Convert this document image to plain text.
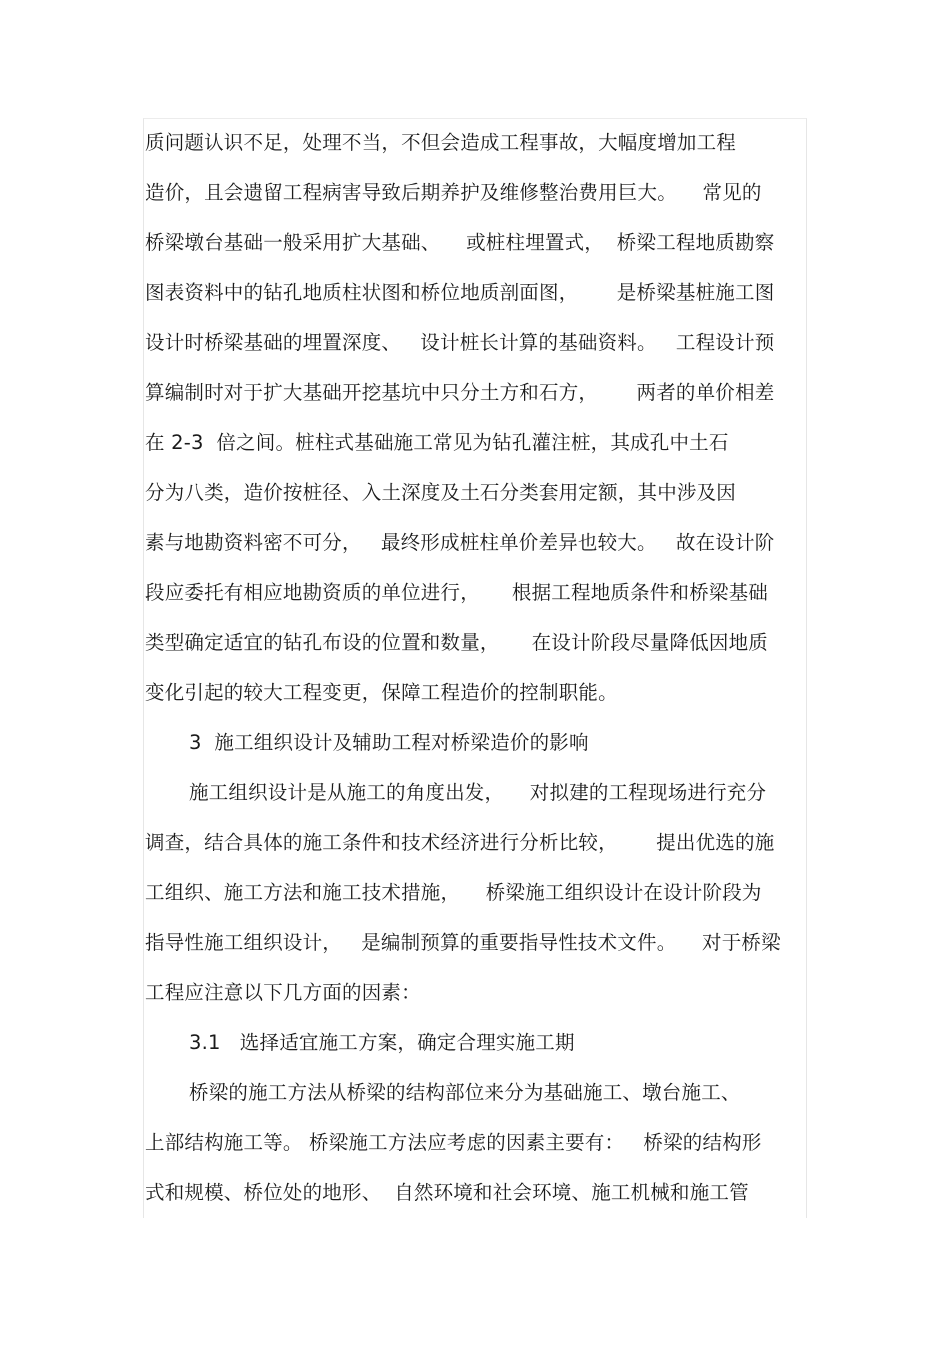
质问题认识不足，处理不当，不但会造成工程事故，大幅度增加工程
造价，且会遗留工程病害导致后期养护及维修整治费用巨大。    常见的
桥梁墩台基础一般采用扩大基础、    或桩柱埋置式，  桥梁工程地质勘察
图表资料中的钻孔地质柱状图和桥位地质剖面图，      是桥梁基桩施工图
设计时桥梁基础的埋置深度、   设计桩长计算的基础资料。   工程设计预
算编制时对于扩大基础开挖基坑中只分土方和石方，      两者的单价相差
在 2-3  倍之间。桩柱式基础施工常见为钻孔灌注桩，其成孔中土石
分为八类，造价按桩径、入土深度及土石分类套用定额，其中涉及因
素与地勘资料密不可分，   最终形成桩柱单价差异也较大。   故在设计阶
段应委托有相应地勘资质的单位进行，     根据工程地质条件和桥梁基础
类型确定适宜的钻孔布设的位置和数量，     在设计阶段尽量降低因地质
变化引起的较大工程变更，保障工程造价的控制职能。
3  施工组织设计及辅助工程对桥梁造价的影响
施工组织设计是从施工的角度出发，    对拟建的工程现场进行充分
调查，结合具体的施工条件和技术经济进行分析比较，      提出优选的施
工组织、施工方法和施工技术措施，    桥梁施工组织设计在设计阶段为
指导性施工组织设计，   是编制预算的重要指导性技术文件。    对于桥梁
工程应注意以下几方面的因素：
3.1   选择适宜施工方案，确定合理实施工期
桥梁的施工方法从桥梁的结构部位来分为基础施工、墩台施工、
上部结构施工等。 桥梁施工方法应考虑的因素主要有：   桥梁的结构形
式和规模、桥位处的地形、  自然环境和社会环境、施工机械和施工管
